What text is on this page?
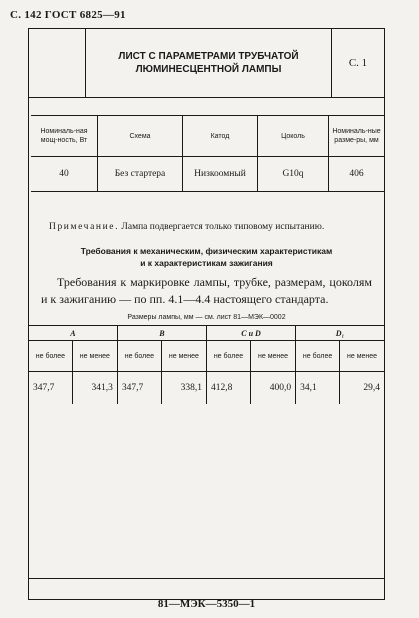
С. 142 ГОСТ 6825—91
ЛИСТ С ПАРАМЕТРАМИ ТРУБЧАТОЙ
ЛЮМИНЕСЦЕНТНОЙ ЛАМПЫ
С. 1
Номиналь-ная мощ-ность, Вт	Схема	Катод	Цоколь	Номиналь-ные разме-ры, мм
40	Без стартера	Низкоомный	G10q	406
Примечание. Лампа подвергается только типовому испытанию.
Требования к механическим, физическим характеристикам
и к характеристикам зажигания
Требования к маркировке лампы, трубке, размерам, цоколям и к зажиганию — по пп. 4.1—4.4 настоящего стандарта.
Размеры лампы, мм — см. лист 81—МЭК—0002
A		B		C и D		D₁	
не более	не менее	не более	не менее	не более	не менее	не более	не менее
347,7	341,3	347,7	338,1	412,8	400,0	34,1	29,4
81—МЭК—5350—1
